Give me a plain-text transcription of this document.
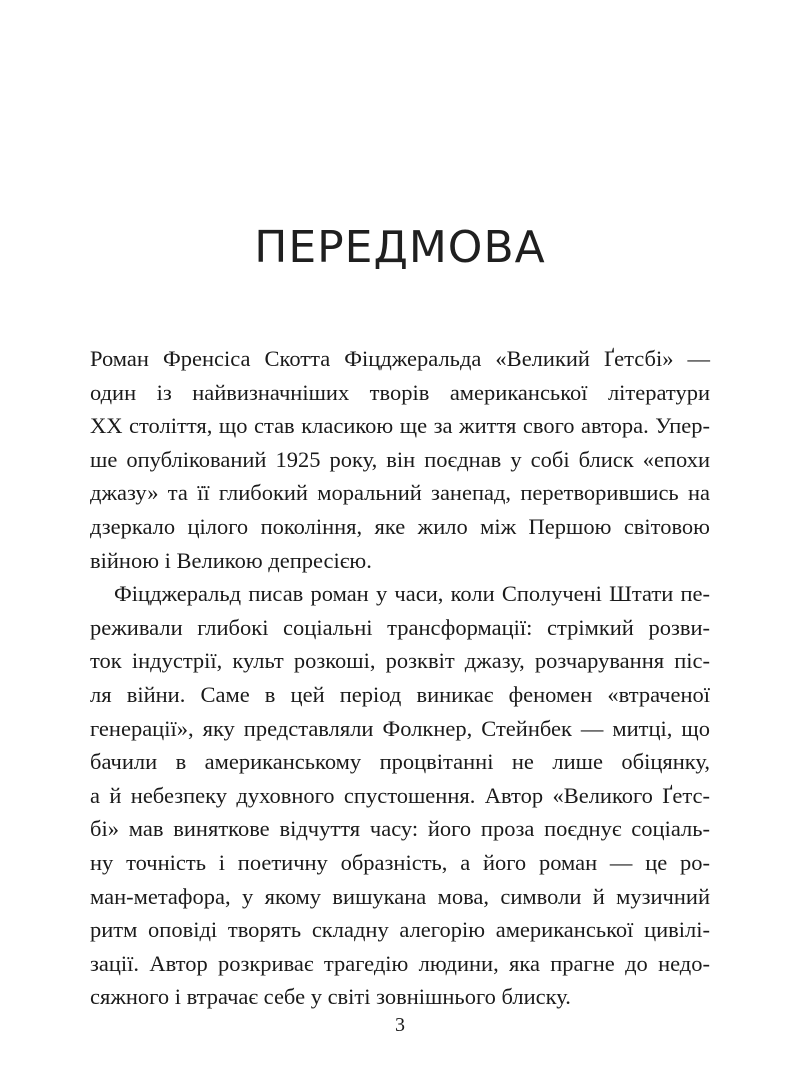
ПЕРЕДМОВА
Роман Френсіса Скотта Фіцджеральда «Великий Ґетсбі» —
один із найвизначніших творів американської літератури
XX століття, що став класикою ще за життя свого автора. Упер-
ше опублікований 1925 року, він поєднав у собі блиск «епохи
джазу» та її глибокий моральний занепад, перетворившись на
дзеркало цілого покоління, яке жило між Першою світовою
війною і Великою депресією.
Фіцджеральд писав роман у часи, коли Сполучені Штати пе-
реживали глибокі соціальні трансформації: стрімкий розви-
ток індустрії, культ розкоші, розквіт джазу, розчарування піс-
ля війни. Саме в цей період виникає феномен «втраченої
генерації», яку представляли Фолкнер, Стейнбек — митці, що
бачили в американському процвітанні не лише обіцянку,
а й небезпеку духовного спустошення. Автор «Великого Ґетс-
бі» мав виняткове відчуття часу: його проза поєднує соціаль-
ну точність і поетичну образність, а його роман — це ро-
ман-метафора, у якому вишукана мова, символи й музичний
ритм оповіді творять складну алегорію американської цивілі-
зації. Автор розкриває трагедію людини, яка прагне до недо-
сяжного і втрачає себе у світі зовнішнього блиску.
3
